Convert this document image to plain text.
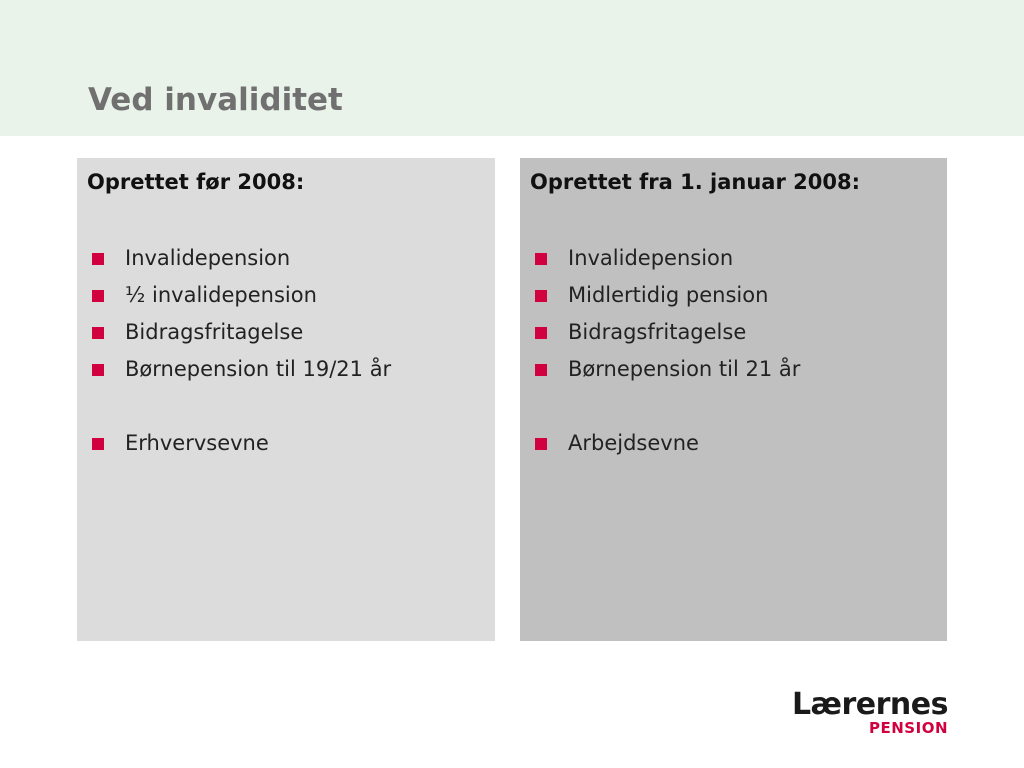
Ved invaliditet
Oprettet før 2008:
Invalidepension
½ invalidepension
Bidragsfritagelse
Børnepension til 19/21 år
Erhvervsevne
Oprettet fra 1. januar 2008:
Invalidepension
Midlertidig pension
Bidragsfritagelse
Børnepension til 21 år
Arbejdsevne
Lærernes
PENSION
